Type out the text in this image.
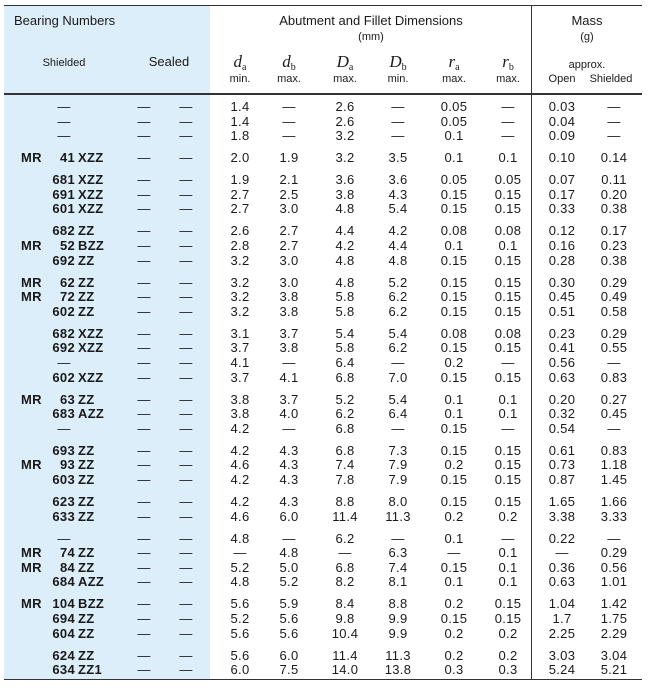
Bearing Numbers
Shielded	Sealed
Abutment and Fillet Dimensions
(mm)
Mass
(g)
approx.
Open Shielded
$d_a$
min.
$d_b$
max.
$D_a$
max.
$D_b$
min.
$r_a$
max.
$r_b$
max.
—	— —	1.4	—	2.6	—	0.05	—	0.03 —
—	— —	1.4	—	2.6	—	0.05	—	0.04 —
—	— —	1.8	—	3.2	—	0.1	—	0.09 —
MR 41 XZZ	— —	2.0 1.9	3.2	3.5	0.1	0.1 0.10 0.14
681 XZZ	— —	1.9 2.1	3.6	3.6	0.05 0.05 0.07 0.11
691 XZZ	— —	2.7 2.5	3.8	4.3	0.15 0.15 0.17 0.20
601 XZZ	— —	2.7 3.0	4.8	5.4	0.15 0.15 0.33 0.38
682 ZZ	— —	2.6 2.7	4.4	4.2	0.08 0.08 0.12 0.17
MR 52 BZZ	— —	2.8 2.7	4.2	4.4	0.1	0.1 0.16 0.23
692 ZZ	— —	3.2 3.0	4.8	4.8	0.15 0.15 0.28 0.38
MR 62 ZZ	— —	3.2 3.0	4.8	5.2	0.15 0.15 0.30 0.29
MR 72 ZZ	— —	3.2 3.8	5.8	6.2	0.15 0.15 0.45 0.49
602 ZZ	— —	3.2 3.8	5.8	6.2	0.15 0.15 0.51 0.58
682 XZZ	— —	3.1 3.7	5.4	5.4	0.08 0.08 0.23 0.29
692 XZZ	— —	3.7 3.8	5.8	6.2	0.15 0.15 0.41 0.55
—	— —	4.1	—	6.4	—	0.2	—	0.56 —
602 XZZ	— —	3.7 4.1	6.8	7.0	0.15 0.15 0.63 0.83
MR 63 ZZ	— —	3.8 3.7	5.2	5.4	0.1	0.1 0.20 0.27
683 AZZ	— —	3.8 4.0	6.2	6.4	0.1	0.1 0.32 0.45
—	— —	4.2	—	6.8	—	0.15	—	0.54 —
693 ZZ	— —	4.2 4.3	6.8	7.3	0.15 0.15 0.61 0.83
MR 93 ZZ	— —	4.6 4.3	7.4	7.9	0.2 0.15 0.73 1.18
603 ZZ	— —	4.2 4.3	7.8	7.9	0.15 0.15 0.87 1.45
623 ZZ	— —	4.2 4.3	8.8	8.0	0.15 0.15 1.65 1.66
633 ZZ	— —	4.6 6.0	11.4 11.3	0.2	0.2 3.38 3.33
—	— —	4.8	—	6.2	—	0.1	—	0.22 —
MR 74 ZZ	— —	—	4.8	—	6.3	—	0.1	— 0.29
MR 84 ZZ	— —	5.2 5.0	6.8	7.4	0.15 0.1 0.36 0.56
684 AZZ	— —	4.8 5.2	8.2	8.1	0.1	0.1 0.63 1.01
MR 104 BZZ	— —	5.6 5.9	8.4	8.8	0.2 0.15 1.04 1.42
694 ZZ	— —	5.2 5.6	9.8	9.9	0.15 0.15 1.7 1.75
604 ZZ	— —	5.6 5.6	10.4 9.9	0.2	0.2 2.25 2.29
624 ZZ	— —	5.6 6.0	11.4 11.3	0.2	0.2 3.03 3.04
634 ZZ1	— —	6.0 7.5	14.0 13.8	0.3	0.3 5.24 5.21
